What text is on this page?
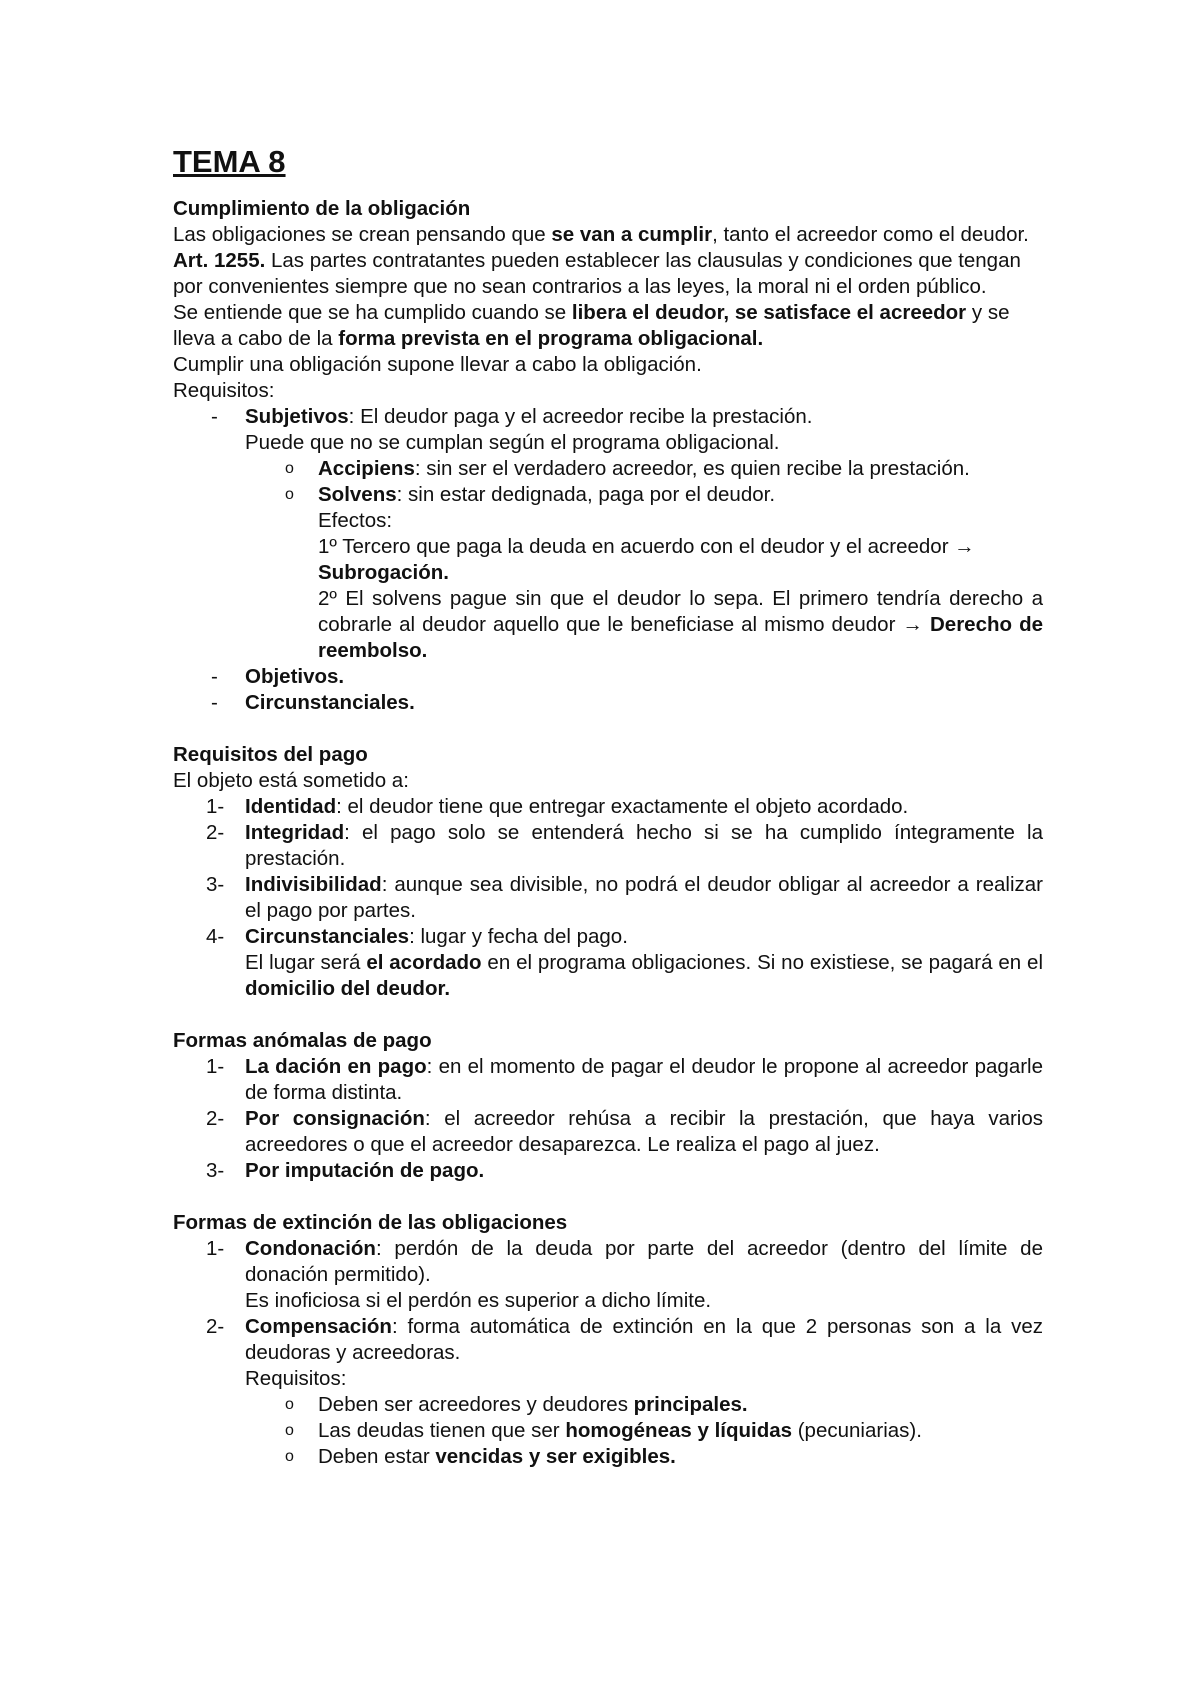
TEMA 8
Cumplimiento de la obligación
Las obligaciones se crean pensando que se van a cumplir, tanto el acreedor como el deudor.
Art. 1255. Las partes contratantes pueden establecer las clausulas y condiciones que tengan por convenientes siempre que no sean contrarios a las leyes, la moral ni el orden público.
Se entiende que se ha cumplido cuando se libera el deudor, se satisface el acreedor y se lleva a cabo de la forma prevista en el programa obligacional.
Cumplir una obligación supone llevar a cabo la obligación.
Requisitos:
- Subjetivos: El deudor paga y el acreedor recibe la prestación.
Puede que no se cumplan según el programa obligacional.
o Accipiens: sin ser el verdadero acreedor, es quien recibe la prestación.
o Solvens: sin estar dedignada, paga por el deudor.
Efectos:
1º Tercero que paga la deuda en acuerdo con el deudor y el acreedor → Subrogación.
2º El solvens pague sin que el deudor lo sepa. El primero tendría derecho a cobrarle al deudor aquello que le beneficiase al mismo deudor → Derecho de reembolso.
- Objetivos.
- Circunstanciales.
Requisitos del pago
El objeto está sometido a:
1- Identidad: el deudor tiene que entregar exactamente el objeto acordado.
2- Integridad: el pago solo se entenderá hecho si se ha cumplido íntegramente la prestación.
3- Indivisibilidad: aunque sea divisible, no podrá el deudor obligar al acreedor a realizar el pago por partes.
4- Circunstanciales: lugar y fecha del pago.
El lugar será el acordado en el programa obligaciones. Si no existiese, se pagará en el domicilio del deudor.
Formas anómalas de pago
1- La dación en pago: en el momento de pagar el deudor le propone al acreedor pagarle de forma distinta.
2- Por consignación: el acreedor rehúsa a recibir la prestación, que haya varios acreedores o que el acreedor desaparezca. Le realiza el pago al juez.
3- Por imputación de pago.
Formas de extinción de las obligaciones
1- Condonación: perdón de la deuda por parte del acreedor (dentro del límite de donación permitido).
Es inoficiosa si el perdón es superior a dicho límite.
2- Compensación: forma automática de extinción en la que 2 personas son a la vez deudoras y acreedoras.
Requisitos:
o Deben ser acreedores y deudores principales.
o Las deudas tienen que ser homogéneas y líquidas (pecuniarias).
o Deben estar vencidas y ser exigibles.
